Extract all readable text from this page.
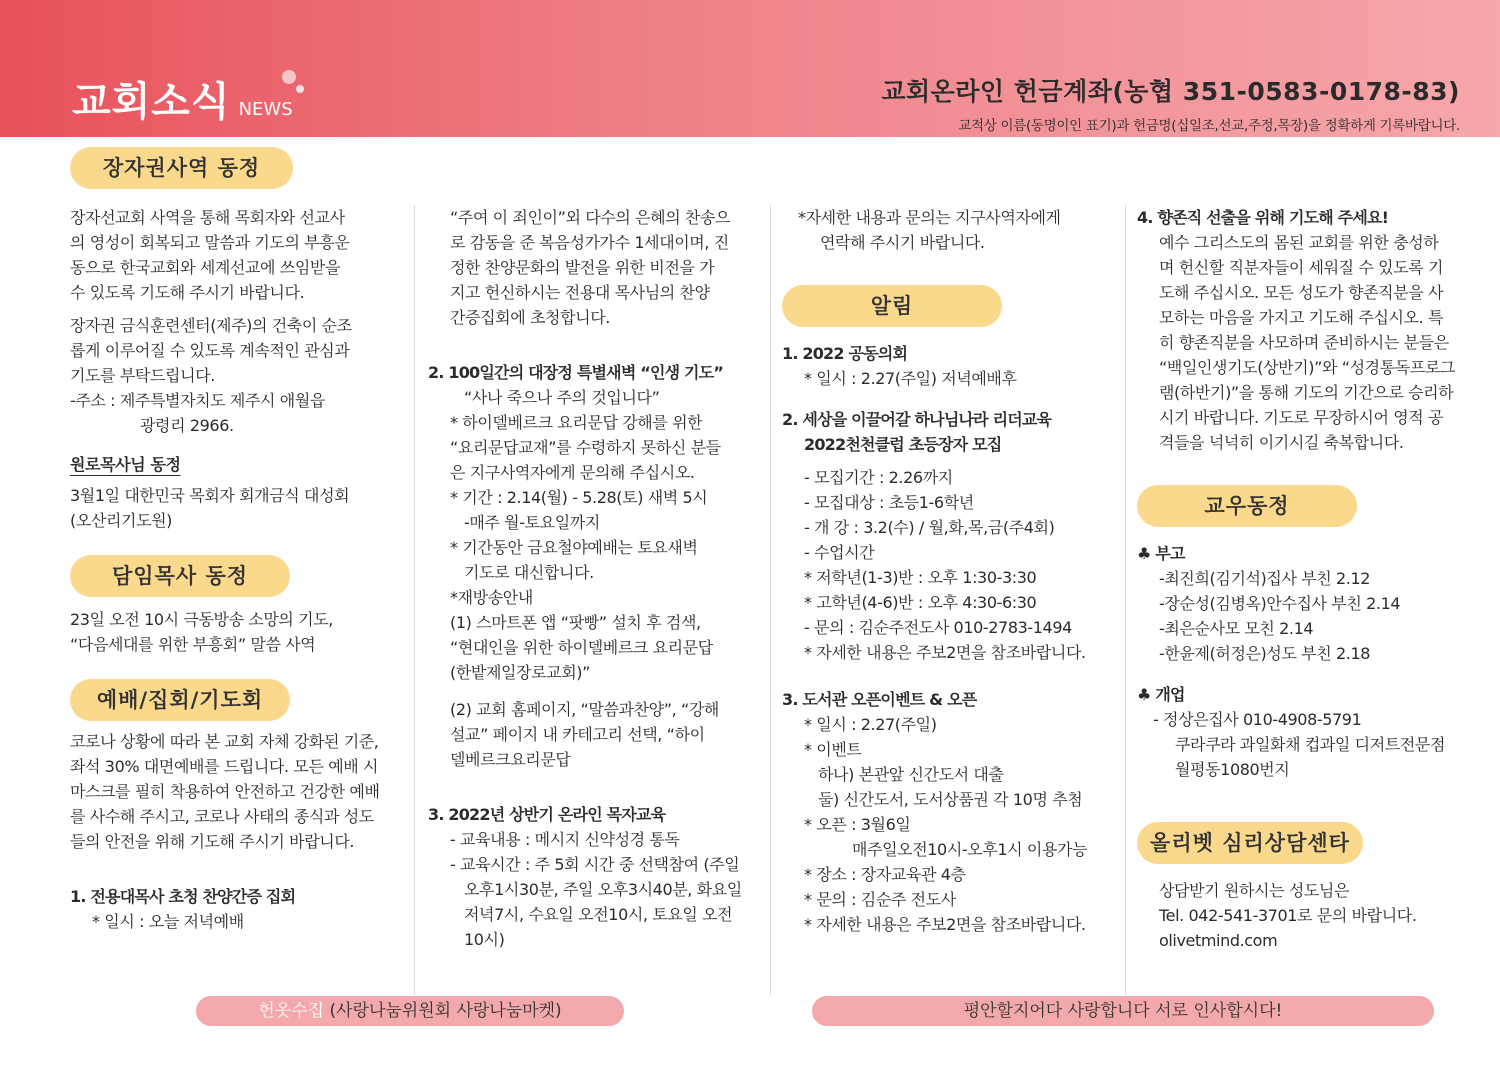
교회소식 NEWS
교회온라인 헌금계좌(농협 351-0583-0178-83)
교적상 이름(동명이인 표기)과 헌금명(십일조,선교,주정,목장)을 정확하게 기록바랍니다.
장자권사역 동정
장자선교회 사역을 통해 목회자와 선교사
의 영성이 회복되고 말씀과 기도의 부흥운
동으로 한국교회와 세계선교에 쓰임받을
수 있도록 기도해 주시기 바랍니다.
장자권 금식훈련센터(제주)의 건축이 순조
롭게 이루어질 수 있도록 계속적인 관심과
기도를 부탁드립니다.
-주소 : 제주특별자치도 제주시 애월읍
광령리 2966.
원로목사님 동정
3월1일 대한민국 목회자 회개금식 대성회
(오산리기도원)
담임목사 동정
23일 오전 10시 극동방송 소망의 기도,
“다음세대를 위한 부흥회” 말씀 사역
예배/집회/기도회
코로나 상황에 따라 본 교회 자체 강화된 기준,
좌석 30% 대면예배를 드립니다. 모든 예배 시
마스크를 필히 착용하여 안전하고 건강한 예배
를 사수해 주시고, 코로나 사태의 종식과 성도
들의 안전을 위해 기도해 주시기 바랍니다.
1. 전용대목사 초청 찬양간증 집회
* 일시 : 오늘 저녁예배
“주여 이 죄인이”외 다수의 은혜의 찬송으
로 감동을 준 복음성가가수 1세대이며, 진
정한 찬양문화의 발전을 위한 비전을 가
지고 헌신하시는 전용대 목사님의 찬양
간증집회에 초청합니다.
2. 100일간의 대장정 특별새벽 “인생 기도”
“사나 죽으나 주의 것입니다”
* 하이델베르크 요리문답 강해를 위한
“요리문답교재”를 수령하지 못하신 분들
은 지구사역자에게 문의해 주십시오.
* 기간 : 2.14(월) - 5.28(토) 새벽 5시
-매주 월-토요일까지
* 기간동안 금요철야예배는 토요새벽
기도로 대신합니다.
*재방송안내
(1) 스마트폰 앱 “팟빵” 설치 후 검색,
“현대인을 위한 하이델베르크 요리문답
(한밭제일장로교회)”
(2) 교회 홈페이지, “말씀과찬양”, “강해
설교” 페이지 내 카테고리 선택, “하이
델베르크요리문답
3. 2022년 상반기 온라인 목자교육
- 교육내용 : 메시지 신약성경 통독
- 교육시간 : 주 5회 시간 중 선택참여 (주일
오후1시30분, 주일 오후3시40분, 화요일
저녁7시, 수요일 오전10시, 토요일 오전
10시)
*자세한 내용과 문의는 지구사역자에게
연락해 주시기 바랍니다.
알림
1. 2022 공동의회
* 일시 : 2.27(주일) 저녁예배후
2. 세상을 이끌어갈 하나님나라 리더교육
2022천천클럽 초등장자 모집
- 모집기간 : 2.26까지
- 모집대상 : 초등1-6학년
- 개 강 : 3.2(수) / 월,화,목,금(주4회)
- 수업시간
* 저학년(1-3)반 : 오후 1:30-3:30
* 고학년(4-6)반 : 오후 4:30-6:30
- 문의 : 김순주전도사 010-2783-1494
* 자세한 내용은 주보2면을 참조바랍니다.
3. 도서관 오픈이벤트 & 오픈
* 일시 : 2.27(주일)
* 이벤트
하나) 본관앞 신간도서 대출
둘) 신간도서, 도서상품권 각 10명 추첨
* 오픈 : 3월6일
매주일오전10시-오후1시 이용가능
* 장소 : 장자교육관 4층
* 문의 : 김순주 전도사
* 자세한 내용은 주보2면을 참조바랍니다.
4. 향존직 선출을 위해 기도해 주세요!
예수 그리스도의 몸된 교회를 위한 충성하
며 헌신할 직분자들이 세워질 수 있도록 기
도해 주십시오. 모든 성도가 향존직분을 사
모하는 마음을 가지고 기도해 주십시오. 특
히 향존직분을 사모하며 준비하시는 분들은
“백일인생기도(상반기)”와 “성경통독프로그
램(하반기)”을 통해 기도의 기간으로 승리하
시기 바랍니다. 기도로 무장하시어 영적 공
격들을 넉넉히 이기시길 축복합니다.
교우동정
♣ 부고
-최진희(김기석)집사 부친 2.12
-장순성(김병옥)안수집사 부친 2.14
-최은순사모 모친 2.14
-한윤제(허정은)성도 부친 2.18
♣ 개업
- 정상은집사 010-4908-5791
쿠라쿠라 과일화채 컵과일 디저트전문점
월평동1080번지
올리벳 심리상담센타
상담받기 원하시는 성도님은
Tel. 042-541-3701로 문의 바랍니다.
olivetmind.com
헌옷수집 (사랑나눔위원회 사랑나눔마켓)	평안할지어다 사랑합니다 서로 인사합시다!
